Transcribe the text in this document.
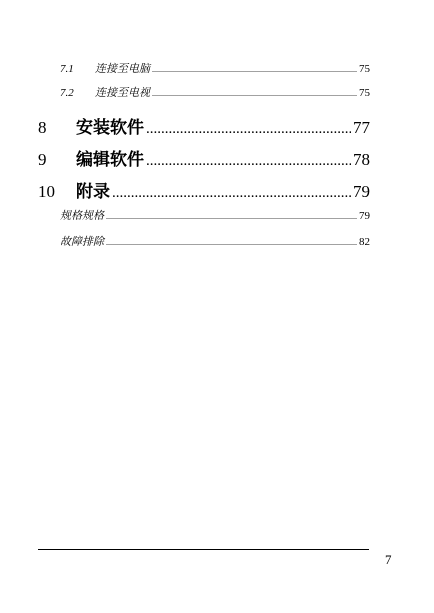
7.1	连接至电脑 .....	75
7.2	连接至电视 .....	75
8	安装软件 .....	77
9	编辑软件 .....	78
10	附录 .....	79
规格规格 .....	79
故障排除 .....	82
7
